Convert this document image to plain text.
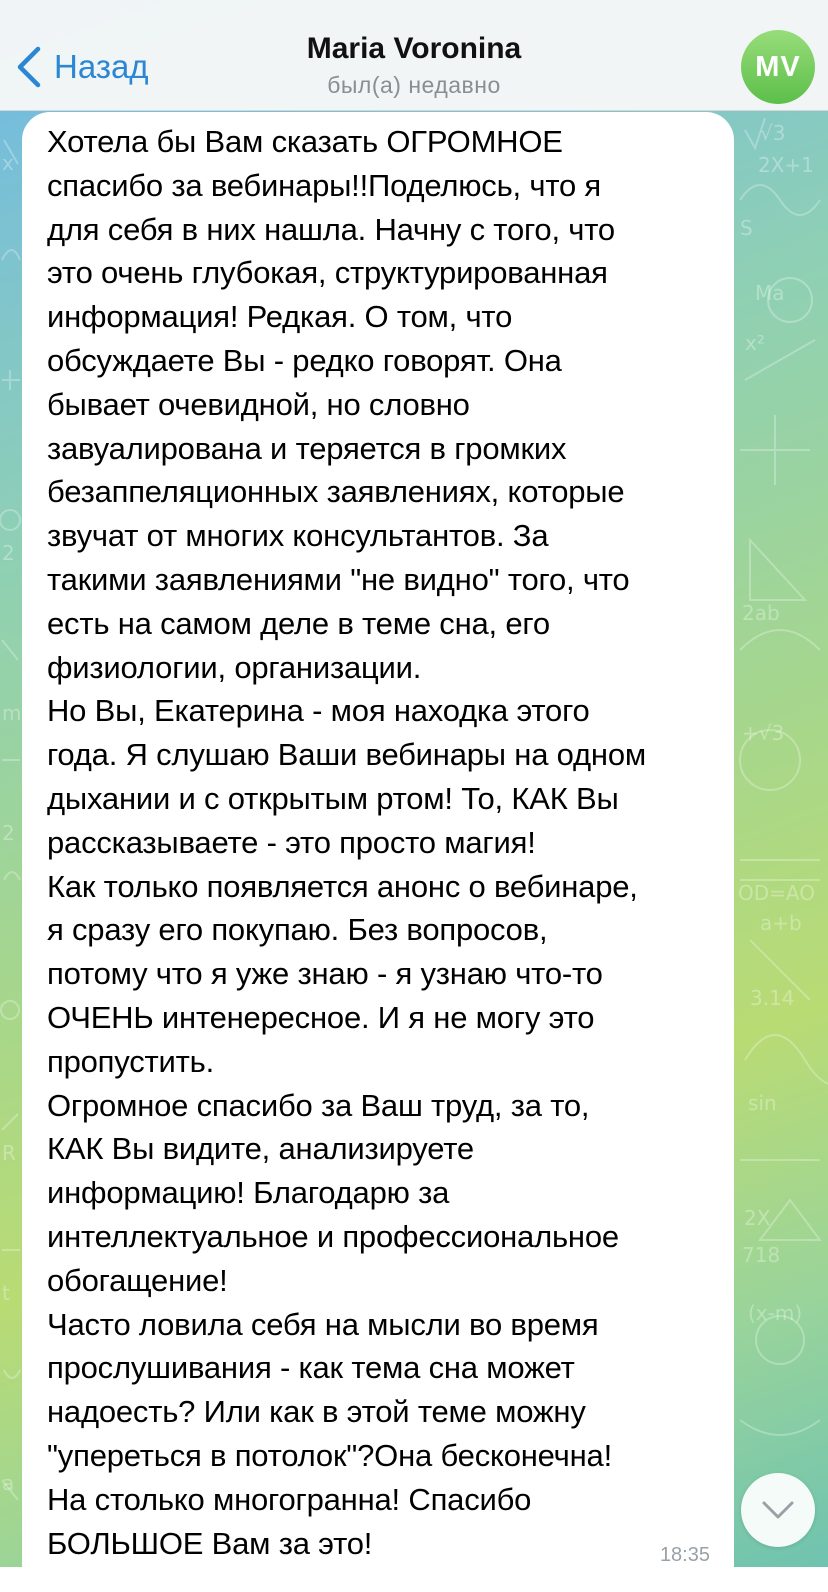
√3
2X+1
S
Ma
x²
2ab
+√3
OD=AO
a+b
3.14
sin
2X
718
(x-m)
x
2
m
2
R
t
a
Назад	Maria Voronina
был(а) недавно
MV
Хотела бы Вам сказать ОГРОМНОЕ
спасибо за вебинары!!Поделюсь, что я
для себя в них нашла. Начну с того, что
это очень глубокая, структурированная
информация! Редкая. О том, что
обсуждаете Вы - редко говорят. Она
бывает очевидной, но словно
завуалирована и теряется в громких
безаппеляционных заявлениях, которые
звучат от многих консультантов. За
такими заявлениями "не видно" того, что
есть на самом деле в теме сна, его
физиологии, организации.
Но Вы, Екатерина - моя находка этого
года. Я слушаю Ваши вебинары на одном
дыхании и с открытым ртом! То, КАК Вы
рассказываете - это просто магия!
Как только появляется анонс о вебинаре,
я сразу его покупаю. Без вопросов,
потому что я уже знаю - я узнаю что-то
ОЧЕНЬ интенересное. И я не могу это
пропустить.
Огромное спасибо за Ваш труд, за то,
КАК Вы видите, анализируете
информацию! Благодарю за
интеллектуальное и профессиональное
обогащение!
Часто ловила себя на мысли во время
прослушивания - как тема сна может
надоесть? Или как в этой теме можну
"упереться в потолок"?Она бесконечна!
На столько многогранна! Спасибо
БОЛЬШОЕ Вам за это!	18:35
